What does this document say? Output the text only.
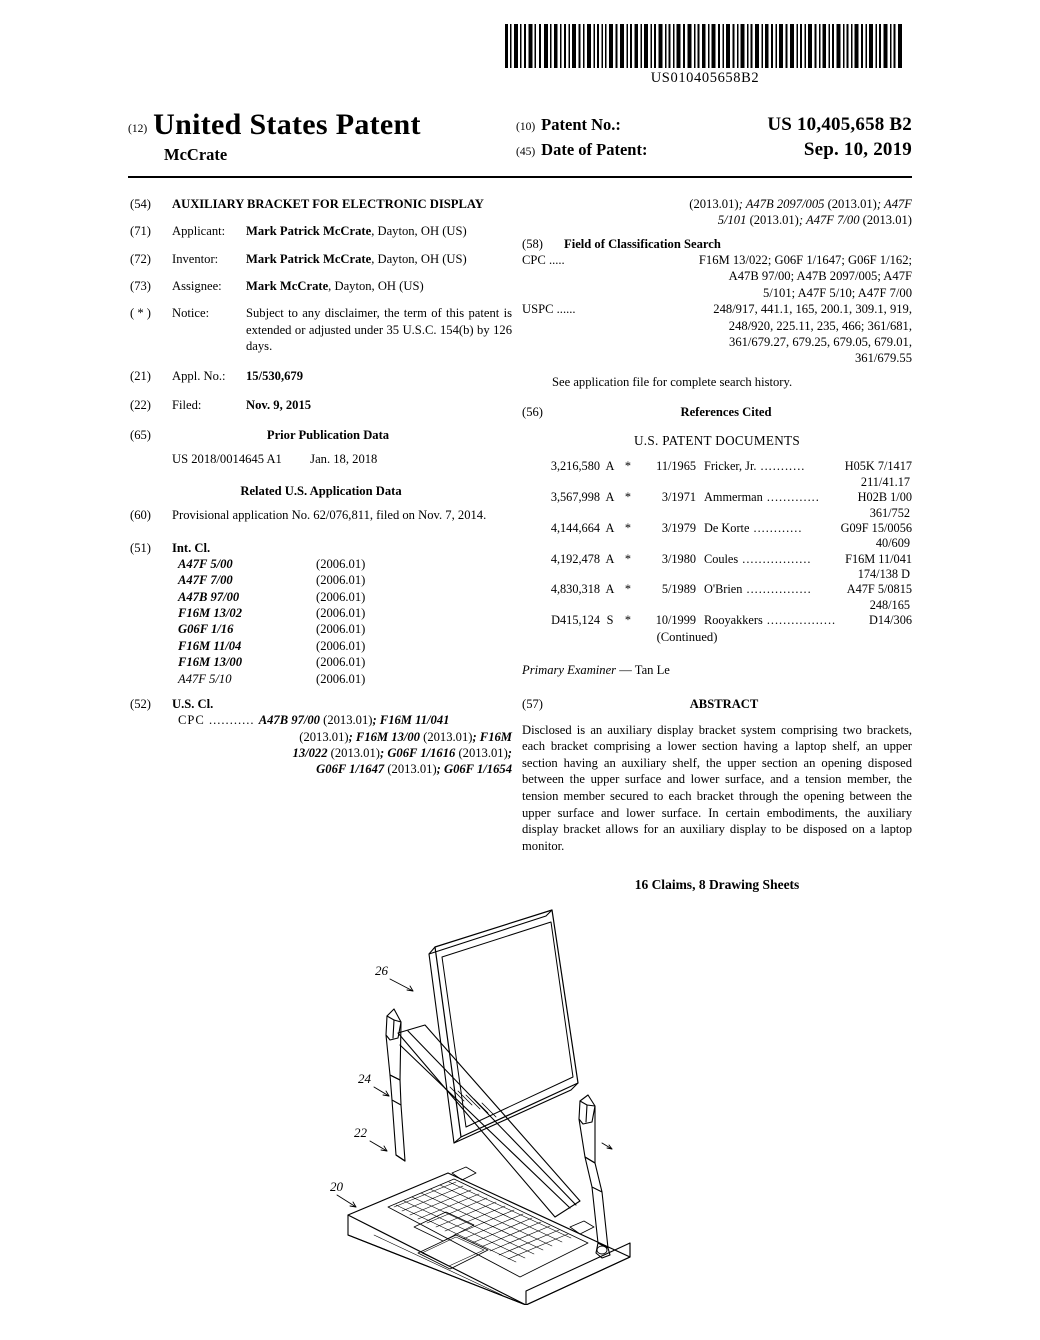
US010405658B2
(12) United States Patent
McCrate
(10) Patent No.:	US 10,405,658 B2
(45) Date of Patent:	Sep. 10, 2019
(54)	AUXILIARY BRACKET FOR ELECTRONIC DISPLAY
(71)	Applicant:	Mark Patrick McCrate, Dayton, OH (US)
(72)	Inventor:	Mark Patrick McCrate, Dayton, OH (US)
(73)	Assignee:	Mark McCrate, Dayton, OH (US)
( * )	Notice:	Subject to any disclaimer, the term of this patent is extended or adjusted under 35 U.S.C. 154(b) by 126 days.
(21)	Appl. No.:	15/530,679
(22)	Filed:	Nov. 9, 2015
(65)	Prior Publication Data
US 2018/0014645 A1 Jan. 18, 2018
Related U.S. Application Data
(60)	Provisional application No. 62/076,811, filed on Nov. 7, 2014.
(51)	Int. Cl.
A47F 5/00	(2006.01)
A47F 7/00	(2006.01)
A47B 97/00	(2006.01)
F16M 13/02	(2006.01)
G06F 1/16	(2006.01)
F16M 11/04	(2006.01)
F16M 13/00	(2006.01)
A47F 5/10	(2006.01)
(52)	U.S. Cl.
CPC ........... A47B 97/00 (2013.01); F16M 11/041
(2013.01); F16M 13/00 (2013.01); F16M
13/022 (2013.01); G06F 1/1616 (2013.01);
G06F 1/1647 (2013.01); G06F 1/1654
(2013.01); A47B 2097/005 (2013.01); A47F
5/101 (2013.01); A47F 7/00 (2013.01)
(58)	Field of Classification Search
CPC .....	F16M 13/022; G06F 1/1647; G06F 1/162;
A47B 97/00; A47B 2097/005; A47F
5/101; A47F 5/10; A47F 7/00
USPC ......	248/917, 441.1, 165, 200.1, 309.1, 919,
248/920, 225.11, 235, 466; 361/681,
361/679.27, 679.25, 679.05, 679.01,
361/679.55
See application file for complete search history.
(56)	References Cited
U.S. PATENT DOCUMENTS
3,216,580 A *	11/1965 Fricker, Jr. ...........	H05K 7/1417
211/41.17
3,567,998 A *	3/1971 Ammerman .............	H02B 1/00
361/752
4,144,664 A *	3/1979 De Korte ............	G09F 15/0056
40/609
4,192,478 A *	3/1980 Coules .................	F16M 11/041
174/138 D
4,830,318 A *	5/1989 O'Brien ................	A47F 5/0815
248/165
D415,124 S *	10/1999 Rooyakkers .................	D14/306
(Continued)
Primary Examiner — Tan Le
(57)	ABSTRACT
Disclosed is an auxiliary display bracket system comprising two brackets, each bracket comprising a lower section having a laptop shelf, an upper section having an auxiliary shelf, the upper section an opening disposed between the upper surface and lower surface, and a tension member, the tension member secured to each bracket through the opening between the upper surface and lower surface. In certain embodiments, the auxiliary display bracket allows for an auxiliary display to be disposed on a laptop monitor.
16 Claims, 8 Drawing Sheets
26
24
22
20
